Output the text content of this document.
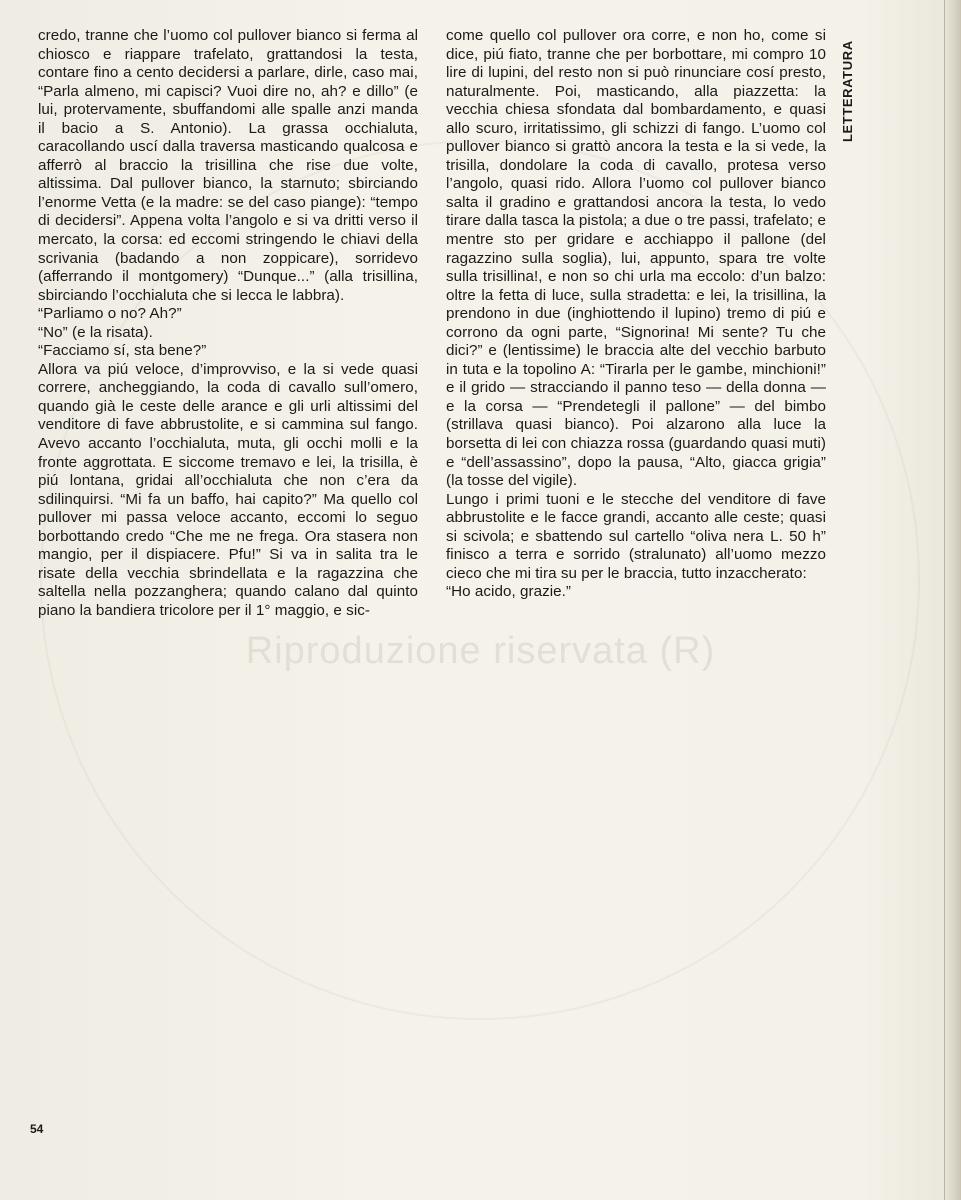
Riproduzione riservata (R)

credo, tranne che l’uomo col pullover bianco si ferma al chiosco e riappare trafelato, grattandosi la testa, contare fino a cento decidersi a parlare, dirle, caso mai, “Parla almeno, mi capisci? Vuoi dire no, ah? e dillo” (e lui, protervamente, sbuffandomi alle spalle anzi manda il bacio a S. Antonio). La grassa occhialuta, caracollando uscí dalla traversa masticando qualcosa e afferrò al braccio la trisillina che rise due volte, altissima. Dal pullover bianco, la starnuto; sbirciando l’enorme Vetta (e la madre: se del caso piange): “tempo di decidersi”. Appena volta l’angolo e si va dritti verso il mercato, la corsa: ed eccomi stringendo le chiavi della scrivania (badando a non zoppicare), sorridevo (afferrando il montgomery) “Dunque...” (alla trisillina, sbirciando l’occhialuta che si lecca le labbra).
“Parliamo o no? Ah?”
“No” (e la risata).
“Facciamo sí, sta bene?”
Allora va piú veloce, d’improvviso, e la si vede quasi correre, ancheggiando, la coda di cavallo sull’omero, quando già le ceste delle arance e gli urli altissimi del venditore di fave abbrustolite, e si cammina sul fango. Avevo accanto l’occhialuta, muta, gli occhi molli e la fronte aggrottata. E siccome tremavo e lei, la trisilla, è piú lontana, gridai all’occhialuta che non c’era da sdilinquirsi. “Mi fa un baffo, hai capito?” Ma quello col pullover mi passa veloce accanto, eccomi lo seguo borbottando credo “Che me ne frega. Ora stasera non mangio, per il dispiacere. Pfu!” Si va in salita tra le risate della vecchia sbrindellata e la ragazzina che saltella nella pozzanghera; quando calano dal quinto piano la bandiera tricolore per il 1° maggio, e sic-

come quello col pullover ora corre, e non ho, come si dice, piú fiato, tranne che per borbottare, mi compro 10 lire di lupini, del resto non si può rinunciare cosí presto, naturalmente. Poi, masticando, alla piazzetta: la vecchia chiesa sfondata dal bombardamento, e quasi allo scuro, irritatissimo, gli schizzi di fango. L’uomo col pullover bianco si grattò ancora la testa e la si vede, la trisilla, dondolare la coda di cavallo, protesa verso l’angolo, quasi rido. Allora l’uomo col pullover bianco salta il gradino e grattandosi ancora la testa, lo vedo tirare dalla tasca la pistola; a due o tre passi, trafelato; e mentre sto per gridare e acchiappo il pallone (del ragazzino sulla soglia), lui, appunto, spara tre volte sulla trisillina!, e non so chi urla ma eccolo: d’un balzo: oltre la fetta di luce, sulla stradetta: e lei, la trisillina, la prendono in due (inghiottendo il lupino) tremo di piú e corrono da ogni parte, “Signorina! Mi sente? Tu che dici?” e (lentissime) le braccia alte del vecchio barbuto in tuta e la topolino A: “Tirarla per le gambe, minchioni!” e il grido — stracciando il panno teso — della donna — e la corsa — “Prendetegli il pallone” — del bimbo (strillava quasi bianco). Poi alzarono alla luce la borsetta di lei con chiazza rossa (guardando quasi muti) e “dell’assassino”, dopo la pausa, “Alto, giacca grigia” (la tosse del vigile).
Lungo i primi tuoni e le stecche del venditore di fave abbrustolite e le facce grandi, accanto alle ceste; quasi si scivola; e sbattendo sul cartello “oliva nera L. 50 h” finisco a terra e sorrido (stralunato) all’uomo mezzo cieco che mi tira su per le braccia, tutto inzaccherato:
“Ho acido, grazie.”

LETTERATURA
54
